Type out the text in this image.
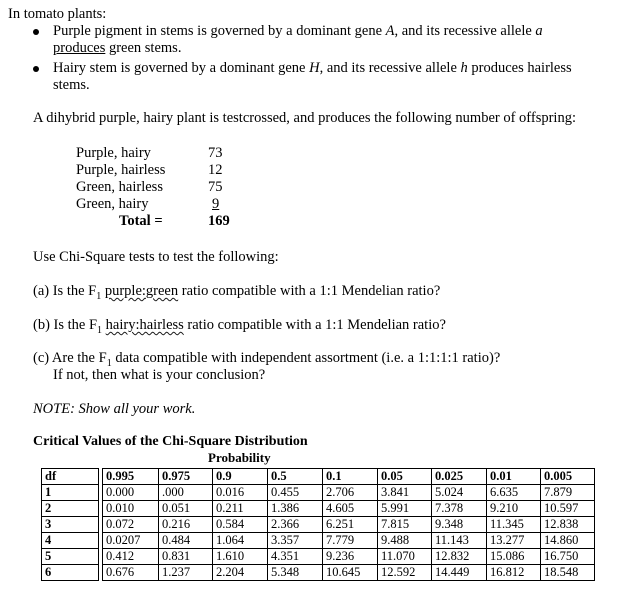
In tomato plants:
Purple pigment in stems is governed by a dominant gene A, and its recessive allele a
produces green stems.
Hairy stem is governed by a dominant gene H, and its recessive allele h produces hairless
stems.
A dihybrid purple, hairy plant is testcrossed, and produces the following number of offspring:
Purple, hairy	73
Purple, hairless	12
Green, hairless	75
Green, hairy	9
Total =	169
Use Chi-Square tests to test the following:
(a) Is the $F_1$ purple:green ratio compatible with a 1:1 Mendelian ratio?
(b) Is the $F_1$ hairy:hairless ratio compatible with a 1:1 Mendelian ratio?
(c) Are the $F_1$ data compatible with independent assortment (i.e. a 1:1:1:1 ratio)?
If not, then what is your conclusion?
NOTE: Show all your work.
Critical Values of the Chi-Square Distribution
Probability
df		0.995	0.975	0.9	0.5	0.1	0.05	0.025	0.01	0.005
1		0.000	.000	0.016	0.455	2.706	3.841	5.024	6.635	7.879
2		0.010	0.051	0.211	1.386	4.605	5.991	7.378	9.210	10.597
3		0.072	0.216	0.584	2.366	6.251	7.815	9.348	11.345	12.838
4		0.0207	0.484	1.064	3.357	7.779	9.488	11.143	13.277	14.860
5		0.412	0.831	1.610	4.351	9.236	11.070	12.832	15.086	16.750
6		0.676	1.237	2.204	5.348	10.645	12.592	14.449	16.812	18.548
